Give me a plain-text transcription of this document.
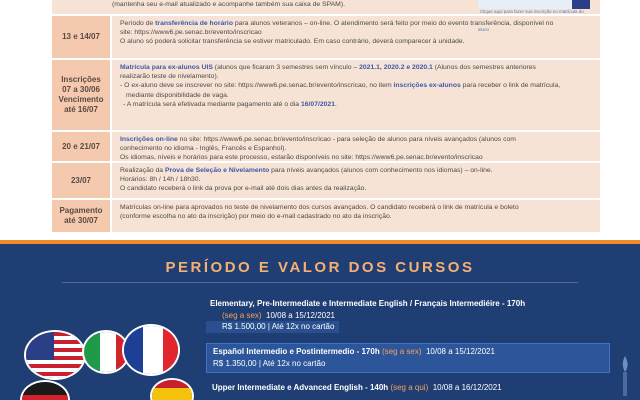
(mantenha seu e-mail atualizado e acompanhe também sua caixa de SPAM).

Clique aqui para fazer sua inscrição no matrícula do aluno
13 e 14/07

Período de transferência de horário para alunos veteranos – on-line. O atendimento será feito por meio do evento transferência, disponível no

site: https://www6.pe.senac.br/evento/inscricao

O aluno só poderá solicitar transferência se estiver matriculado. Em caso contrário, deverá comparecer à unidade.

Inscrições
07 a 30/06
Vencimento
até 16/07

Matrícula para ex-alunos UIS (alunos que ficaram 3 semestres sem vínculo – 2021.1, 2020.2 e 2020.1 (Alunos dos semestres anteriores

realizarão teste de nivelamento).

- O ex-aluno deve se inscrever no site: https://www6.pe.senac.br/evento/inscricao, no item inscrições ex-alunos para receber o link de matrícula,

mediante disponibilidade de vaga.

- A matrícula será efetivada mediante pagamento até o dia 16/07/2021.

20 e 21/07

Inscrições on-line no site: https://www6.pe.senac.br/evento/inscricao - para seleção de alunos para níveis avançados (alunos com

conhecimento no idioma - Inglês, Francês e Espanhol).

Os idiomas, níveis e horários para este processo, estarão disponíveis no site: https://www6.pe.senac.br/evento/inscricao

23/07

Realização da Prova de Seleção e Nivelamento para níveis avançados (alunos com conhecimento nos idiomas) – on-line.

Horários: 8h / 14h / 18h30.

O candidato receberá o link da prova por e-mail até dois dias antes da realização.

Pagamento
até 30/07

Matrículas on-line para aprovados no teste de nivelamento dos cursos avançados. O candidato receberá o link de matrícula e boleto

(conforme escolha no ato da inscrição) por meio do e-mail cadastrado no ato da inscrição.

PERÍODO E VALOR DOS CURSOS
Elementary, Pre-Intermediate e Intermediate English / Français Intermediéire - 170h
(seg a sex) 10/08 a 15/12/2021
R$ 1.500,00 | Até 12x no cartão
Español Intermedio e Postintermedio - 170h (seg a sex) 10/08 a 15/12/2021
R$ 1.350,00 | Até 12x no cartão
Upper Intermediate e Advanced English - 140h (seg a qui) 10/08 a 16/12/2021
